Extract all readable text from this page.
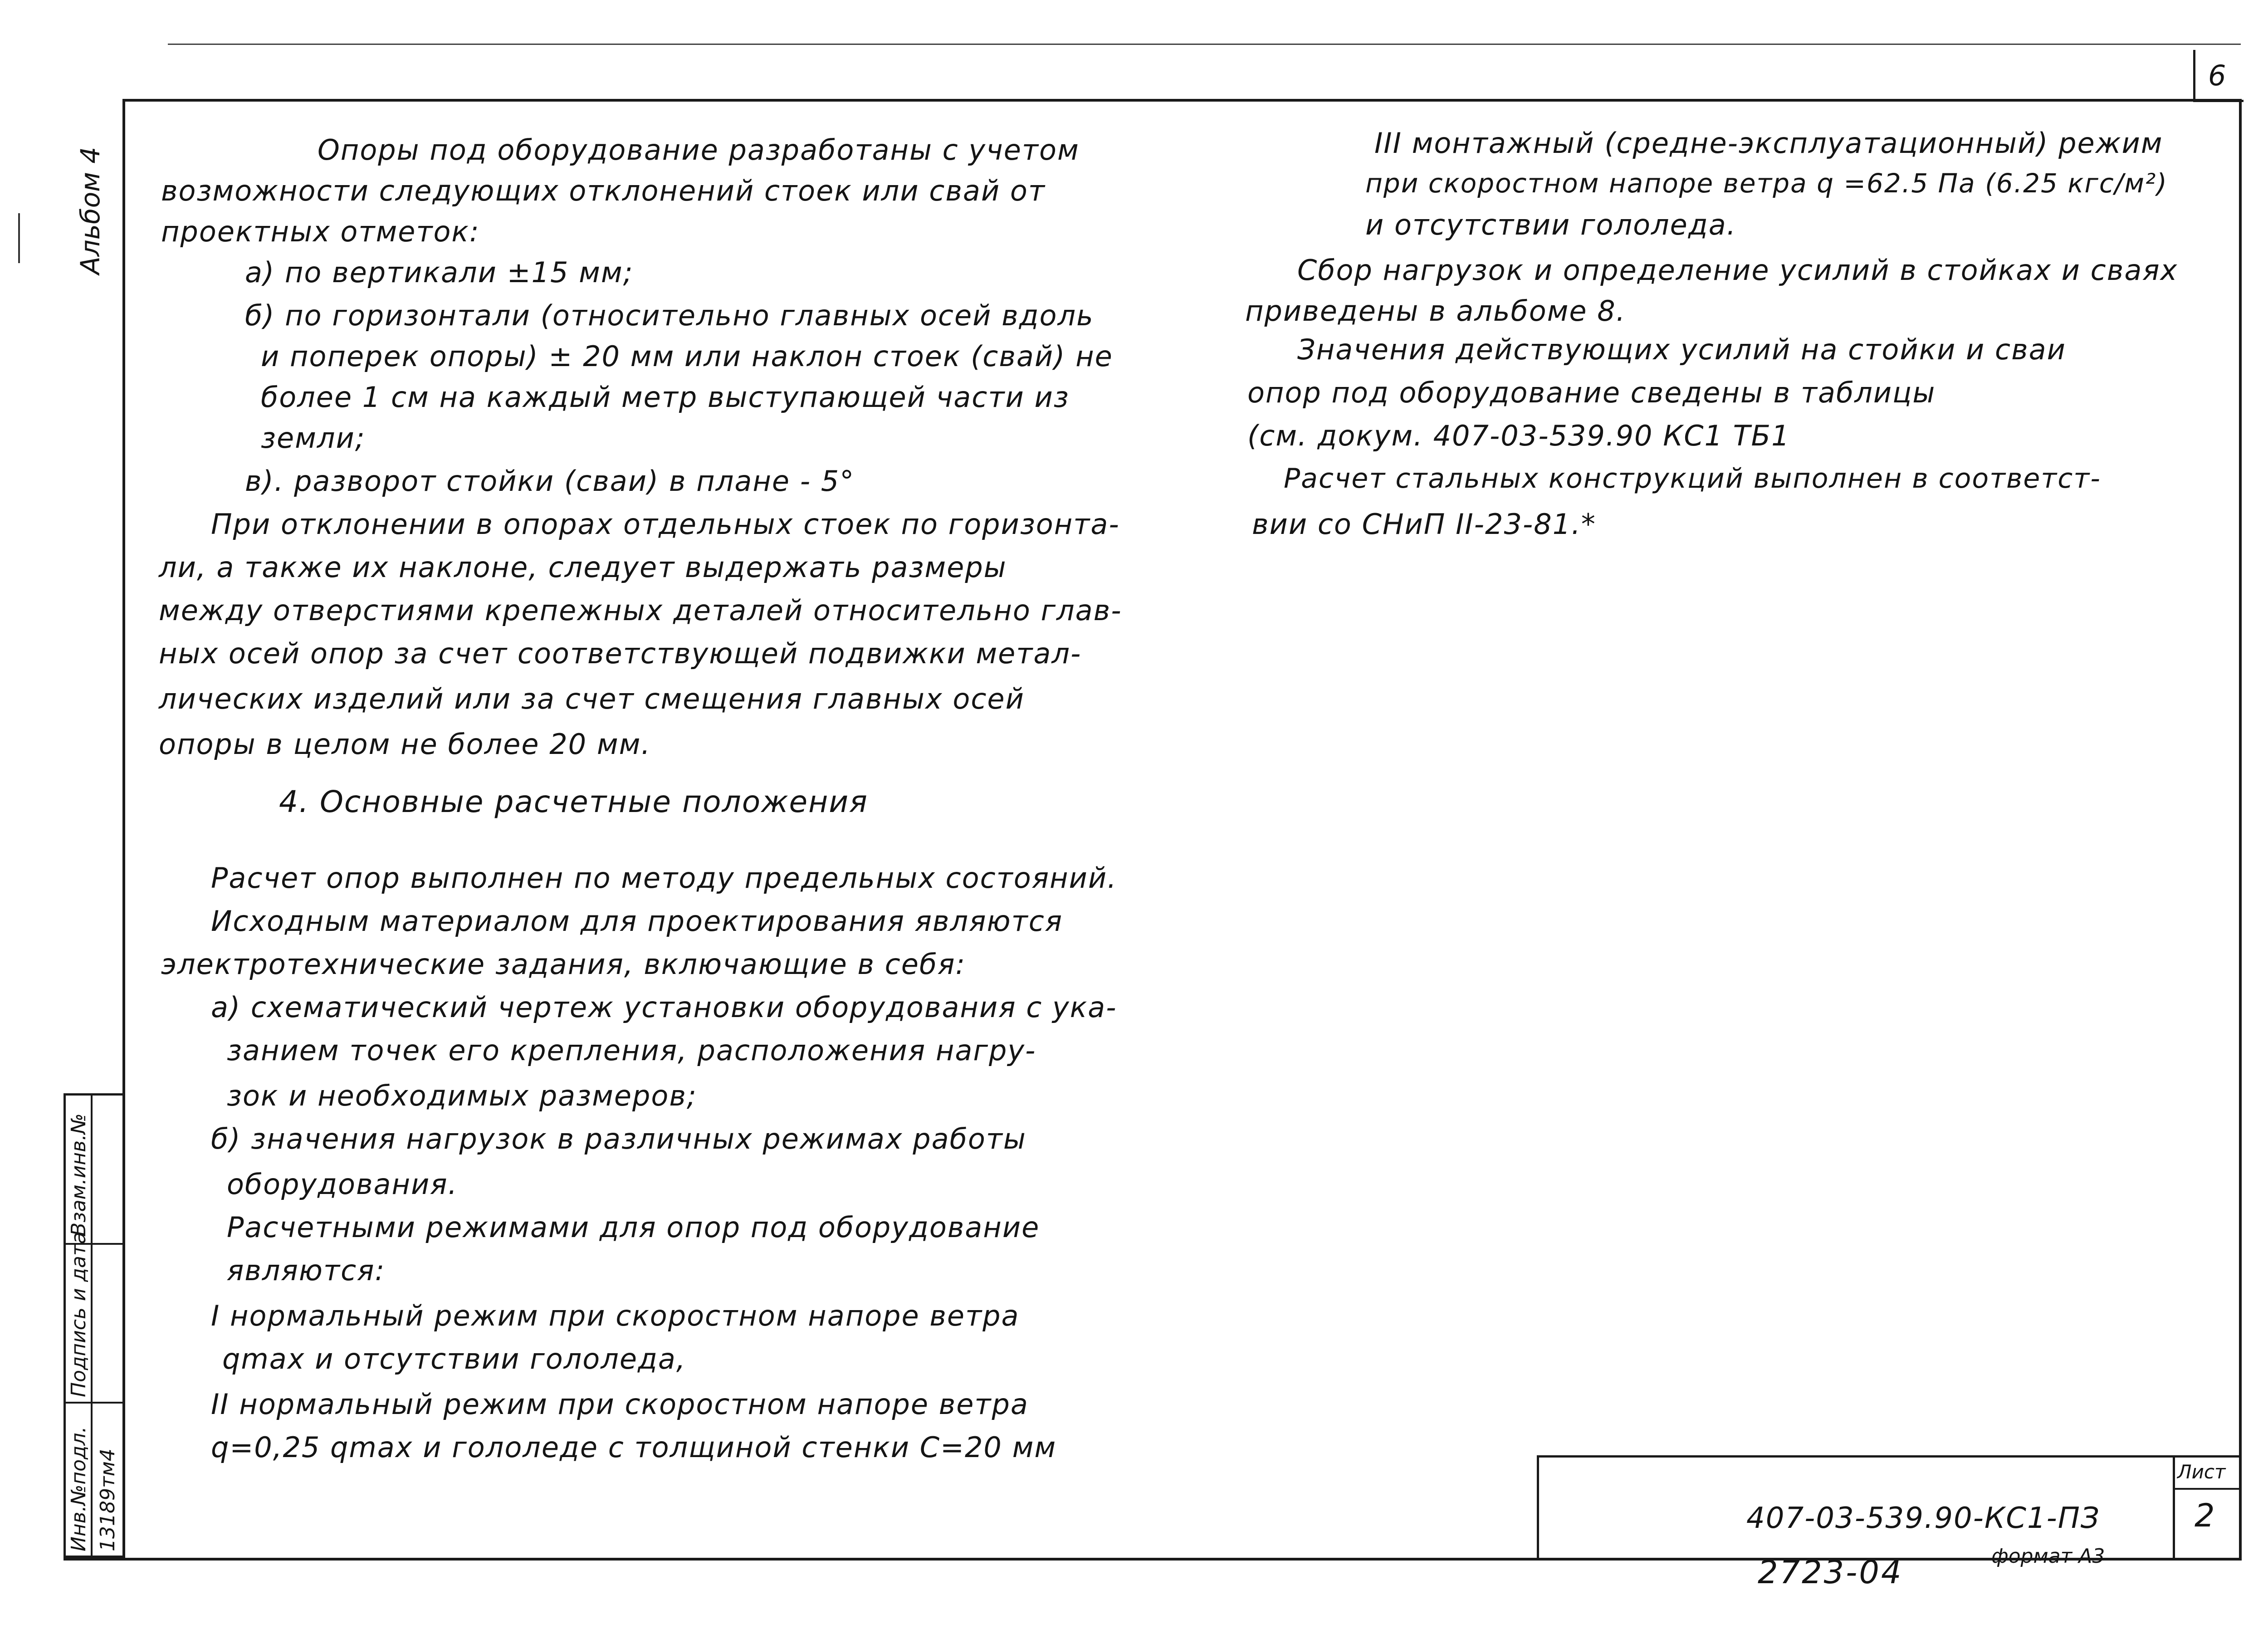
6
Альбом 4
Взам.инв.№
Подпись и дата
Инв.№подл. 13189тм4
Опоры под оборудование разработаны с учетом
возможности следующих отклонений стоек или свай от
проектных отметок:
а) по вертикали ±15 мм;
б) по горизонтали (относительно главных осей вдоль
и поперек опоры) ± 20 мм или наклон стоек (свай) не
более 1 см на каждый метр выступающей части из
земли;
в). разворот стойки (сваи) в плане - 5°
При отклонении в опорах отдельных стоек по горизонта-
ли, а также их наклоне, следует выдержать размеры
между отверстиями крепежных деталей относительно глав-
ных осей опор за счет соответствующей подвижки метал-
лических изделий или за счет смещения главных осей
опоры в целом не более 20 мм.
4. Основные расчетные положения
Расчет опор выполнен по методу предельных состояний.
Исходным материалом для проектирования являются
электротехнические задания, включающие в себя:
а) схематический чертеж установки оборудования с ука-
занием точек его крепления, расположения нагру-
зок и необходимых размеров;
б) значения нагрузок в различных режимах работы
оборудования.
Расчетными режимами для опор под оборудование
являются:
I нормальный режим при скоростном напоре ветра
qmax и отсутствии гололеда,
II нормальный режим при скоростном напоре ветра
q=0,25 qmax и гололеде с толщиной стенки С=20 мм
III монтажный (средне-эксплуатационный) режим
при скоростном напоре ветра q =62.5 Па (6.25 кгс/м²)
и отсутствии гололеда.
Сбор нагрузок и определение усилий в стойках и сваях
приведены в альбоме 8.
Значения действующих усилий на стойки и сваи
опор под оборудование сведены в таблицы
(см. докум. 407-03-539.90 КС1 ТБ1
Расчет стальных конструкций выполнен в соответст-
вии со СНиП II-23-81.*
Лист
2
407-03-539.90-КС1-ПЗ
2723-04	формат А3
